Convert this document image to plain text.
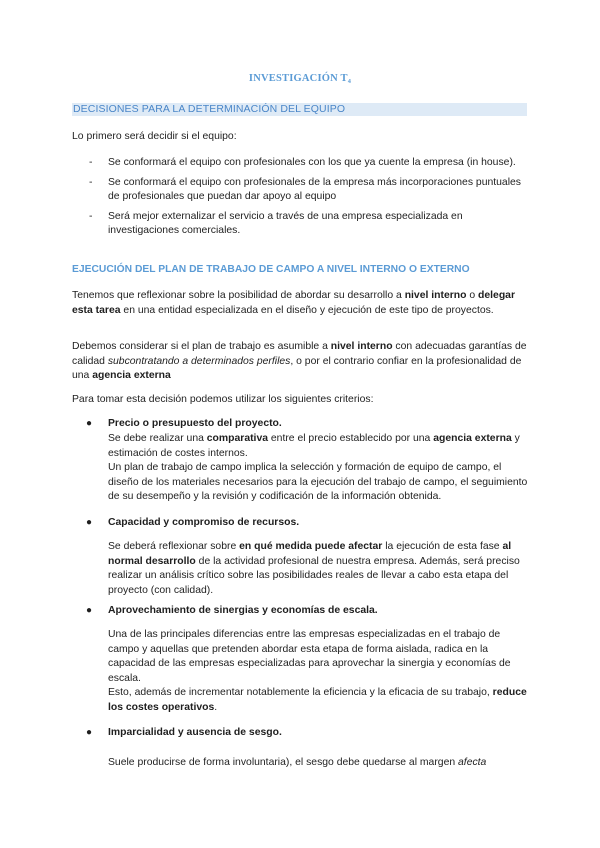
INVESTIGACIÓN T₄
DECISIONES PARA LA DETERMINACIÓN DEL EQUIPO

Lo primero será decidir si el equipo:

- Se conformará el equipo con profesionales con los que ya cuente la empresa (in house).
- Se conformará el equipo con profesionales de la empresa más incorporaciones puntuales de profesionales que puedan dar apoyo al equipo
- Será mejor externalizar el servicio a través de una empresa especializada en investigaciones comerciales.
EJECUCIÓN DEL PLAN DE TRABAJO DE CAMPO A NIVEL INTERNO O EXTERNO

Tenemos que reflexionar sobre la posibilidad de abordar su desarrollo a nivel interno o delegar esta tarea en una entidad especializada en el diseño y ejecución de este tipo de proyectos.

Debemos considerar si el plan de trabajo es asumible a nivel interno con adecuadas garantías de calidad subcontratando a determinados perfiles, o por el contrario confiar en la profesionalidad de una agencia externa

Para tomar esta decisión podemos utilizar los siguientes criterios:

● Precio o presupuesto del proyecto.

Se debe realizar una comparativa entre el precio establecido por una agencia externa y estimación de costes internos.
Un plan de trabajo de campo implica la selección y formación de equipo de campo, el diseño de los materiales necesarios para la ejecución del trabajo de campo, el seguimiento de su desempeño y la revisión y codificación de la información obtenida.

● Capacidad y compromiso de recursos.

Se deberá reflexionar sobre en qué medida puede afectar la ejecución de esta fase al normal desarrollo de la actividad profesional de nuestra empresa. Además, será preciso realizar un análisis crítico sobre las posibilidades reales de llevar a cabo esta etapa del proyecto (con calidad).

● Aprovechamiento de sinergias y economías de escala.

Una de las principales diferencias entre las empresas especializadas en el trabajo de campo y aquellas que pretenden abordar esta etapa de forma aislada, radica en la capacidad de las empresas especializadas para aprovechar la sinergia y economías de escala.
Esto, además de incrementar notablemente la eficiencia y la eficacia de su trabajo, reduce los costes operativos.

● Imparcialidad y ausencia de sesgo.

Suele producirse de forma involuntaria), el sesgo debe quedarse al margen afecta
